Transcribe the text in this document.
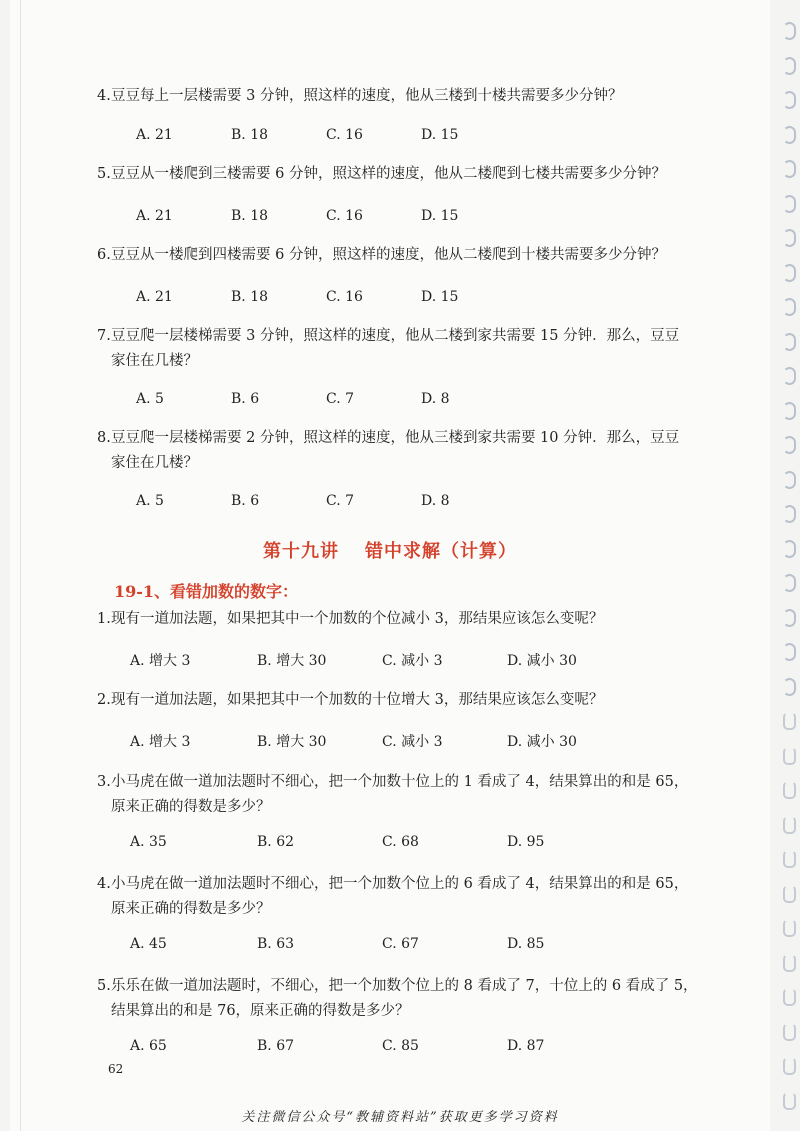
4.豆豆每上一层楼需要 3 分钟，照这样的速度，他从三楼到十楼共需要多少分钟？
A. 21	B. 18	C. 16	D. 15
5.豆豆从一楼爬到三楼需要 6 分钟，照这样的速度，他从二楼爬到七楼共需要多少分钟？
A. 21	B. 18	C. 16	D. 15
6.豆豆从一楼爬到四楼需要 6 分钟，照这样的速度，他从二楼爬到十楼共需要多少分钟？
A. 21	B. 18	C. 16	D. 15
7.豆豆爬一层楼梯需要 3 分钟，照这样的速度，他从二楼到家共需要 15 分钟．那么，豆豆
家住在几楼？
A. 5	B. 6	C. 7	D. 8
8.豆豆爬一层楼梯需要 2 分钟，照这样的速度，他从三楼到家共需要 10 分钟．那么，豆豆
家住在几楼？
A. 5	B. 6	C. 7	D. 8
第十九讲 错中求解（计算）
19-1、看错加数的数字：
1.现有一道加法题，如果把其中一个加数的个位减小 3，那结果应该怎么变呢？
A. 增大 3	B. 增大 30	C. 减小 3	D. 减小 30
2.现有一道加法题，如果把其中一个加数的十位增大 3，那结果应该怎么变呢？
A. 增大 3	B. 增大 30	C. 减小 3	D. 减小 30
3.小马虎在做一道加法题时不细心，把一个加数十位上的 1 看成了 4，结果算出的和是 65，
原来正确的得数是多少？
A. 35	B. 62	C. 68	D. 95
4.小马虎在做一道加法题时不细心，把一个加数个位上的 6 看成了 4，结果算出的和是 65，
原来正确的得数是多少？
A. 45	B. 63	C. 67	D. 85
5.乐乐在做一道加法题时，不细心，把一个加数个位上的 8 看成了 7，十位上的 6 看成了 5，
结果算出的和是 76，原来正确的得数是多少？
A. 65	B. 67	C. 85	D. 87
62
关注微信公众号“教辅资料站”获取更多学习资料
